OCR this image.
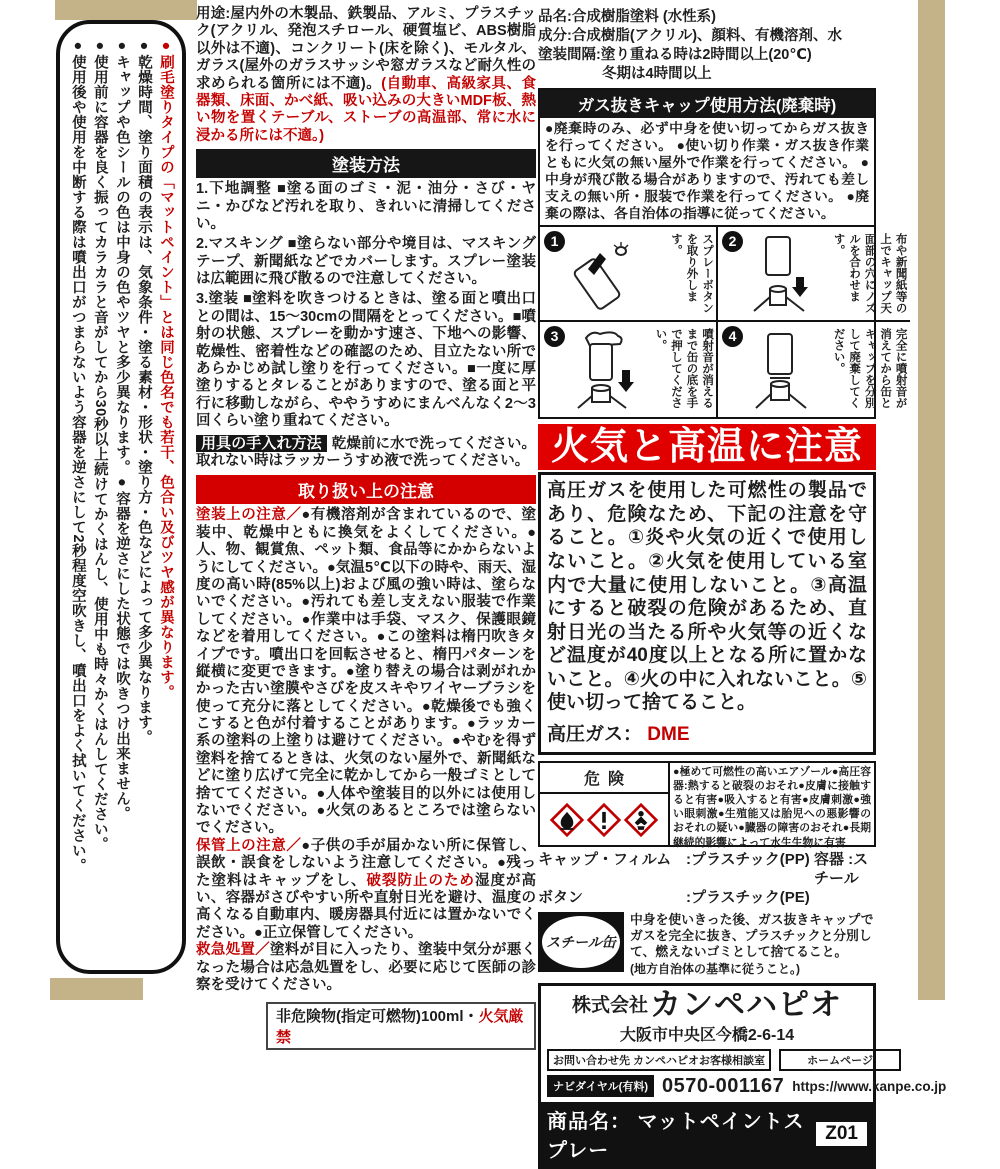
●刷毛塗りタイプの「マットペイント」とは同じ色名でも若干、色合い及びツヤ感が異なります。
●乾燥時間、塗り面積の表示は、気象条件・塗る素材・形状・塗り方・色などによって多少異なります。
●キャップや色シールの色は中身の色やツヤと多少異なります。●容器を逆さにした状態では吹きつけ出来ません。
●使用前に容器を良く振ってカラカラと音がしてから30秒以上続けてかくはんし、使用中も時々かくはんしてください。
●使用後や使用を中断する際は噴出口がつまらないよう容器を逆さにして2秒程度空吹きし、噴出口をよく拭いてください。
用途:屋内外の木製品、鉄製品、アルミ、プラスチック(アクリル、発泡スチロール、硬質塩ビ、ABS樹脂以外は不適)、コンクリート(床を除く)、モルタル、ガラス(屋外のガラスサッシや窓ガラスなど耐久性の求められる箇所には不適)。(自動車、高級家具、食器類、床面、かべ紙、吸い込みの大きいMDF板、熱い物を置くテーブル、ストーブの高温部、常に水に浸かる所には不適。)
塗装方法

1.下地調整 ■塗る面のゴミ・泥・油分・さび・ヤニ・かびなど汚れを取り、きれいに清掃してください。

2.マスキング ■塗らない部分や境目は、マスキングテープ、新聞紙などでカバーします。スプレー塗装は広範囲に飛び散るので注意してください。

3.塗装 ■塗料を吹きつけるときは、塗る面と噴出口との間は、15〜30cmの間隔をとってください。■噴射の状態、スプレーを動かす速さ、下地への影響、乾燥性、密着性などの確認のため、目立たない所であらかじめ試し塗りを行ってください。■一度に厚塗りするとタレることがありますので、塗る面と平行に移動しながら、ややうすめにまんべんなく2〜3回くらい塗り重ねてください。

用具の手入れ方法 乾燥前に水で洗ってください。取れない時はラッカーうすめ液で洗ってください。
取り扱い上の注意
塗装上の注意／●有機溶剤が含まれているので、塗装中、乾燥中ともに換気をよくしてください。●人、物、観賞魚、ペット類、食品等にかからないようにしてください。●気温5℃以下の時や、雨天、湿度の高い時(85%以上)および風の強い時は、塗らないでください。●汚れても差し支えない服装で作業してください。●作業中は手袋、マスク、保護眼鏡などを着用してください。●この塗料は楕円吹きタイプです。噴出口を回転させると、楕円パターンを縦横に変更できます。●塗り替えの場合は剥がれかかった古い塗膜やさびを皮スキやワイヤーブラシを使って充分に落としてください。●乾燥後でも強くこすると色が付着することがあります。●ラッカー系の塗料の上塗りは避けてください。●やむを得ず塗料を捨てるときは、火気のない屋外で、新聞紙などに塗り広げて完全に乾かしてから一般ゴミとして捨ててください。●人体や塗装目的以外には使用しないでください。●火気のあるところでは塗らないでください。
保管上の注意／●子供の手が届かない所に保管し、誤飲・誤食をしないよう注意してください。●残った塗料はキャップをし、破裂防止のため湿度が高い、容器がさびやすい所や直射日光を避け、温度の高くなる自動車内、暖房器具付近には置かないでください。●正立保管してください。
救急処置／塗料が目に入ったり、塗装中気分が悪くなった場合は応急処置をし、必要に応じて医師の診察を受けてください。
非危険物(指定可燃物)100ml・火気厳禁
品名:合成樹脂塗料 (水性系)
成分:合成樹脂(アクリル)、顔料、有機溶剤、水
塗装間隔:塗り重ねる時は2時間以上(20℃)
冬期は4時間以上
ガス抜きキャップ使用方法(廃棄時)
●廃棄時のみ、必ず中身を使い切ってからガス抜きを行ってください。 ●使い切り作業・ガス抜き作業ともに火気の無い屋外で作業を行ってください。 ●中身が飛び散る場合がありますので、汚れても差し支えの無い所・服装で作業を行ってください。 ●廃棄の際は、各自治体の指導に従ってください。
1	スプレーボタンを取り外します。	2	布や新聞紙等の上でキャップ天面部の穴にノズルを合わせます。
3	噴射音が消えるまで缶の底を手で押してください。	4	完全に噴射音が消えてから缶とキャップを分別して廃棄してください。
火気と高温に注意
高圧ガスを使用した可燃性の製品であり、危険なため、下記の注意を守ること。①炎や火気の近くで使用しないこと。②火気を使用している室内で大量に使用しないこと。③高温にすると破裂の危険があるため、直射日光の当たる所や火気等の近くなど温度が40度以上となる所に置かないこと。④火の中に入れないこと。⑤使い切って捨てること。
高圧ガス： DME
危険	●極めて可燃性の高いエアゾール●高圧容器:熱すると破裂のおそれ●皮膚に接触すると有害●吸入すると有害●皮膚刺激●強い眼刺激●生殖能又は胎児への悪影響のおそれの疑い●臓器の障害のおそれ●長期継続的影響によって水生生物に有害
キャップ・フィルム :プラスチック(PP) 容器 :スチール
ボタン	:プラスチック(PE)
スチール缶
中身を使いきった後、ガス抜きキャップでガスを完全に抜き、プラスチックと分別して、燃えないゴミとして捨てること。
(地方自治体の基準に従うこと。)
株式会社カンペハピオ
大阪市中央区今橋2-6-14
お問い合わせ先 カンペハピオお客様相談室	ホームページ
ナビダイヤル(有料) 0570-001167 https://www.kanpe.co.jp
商品名： マットペイントスプレー
Z01
